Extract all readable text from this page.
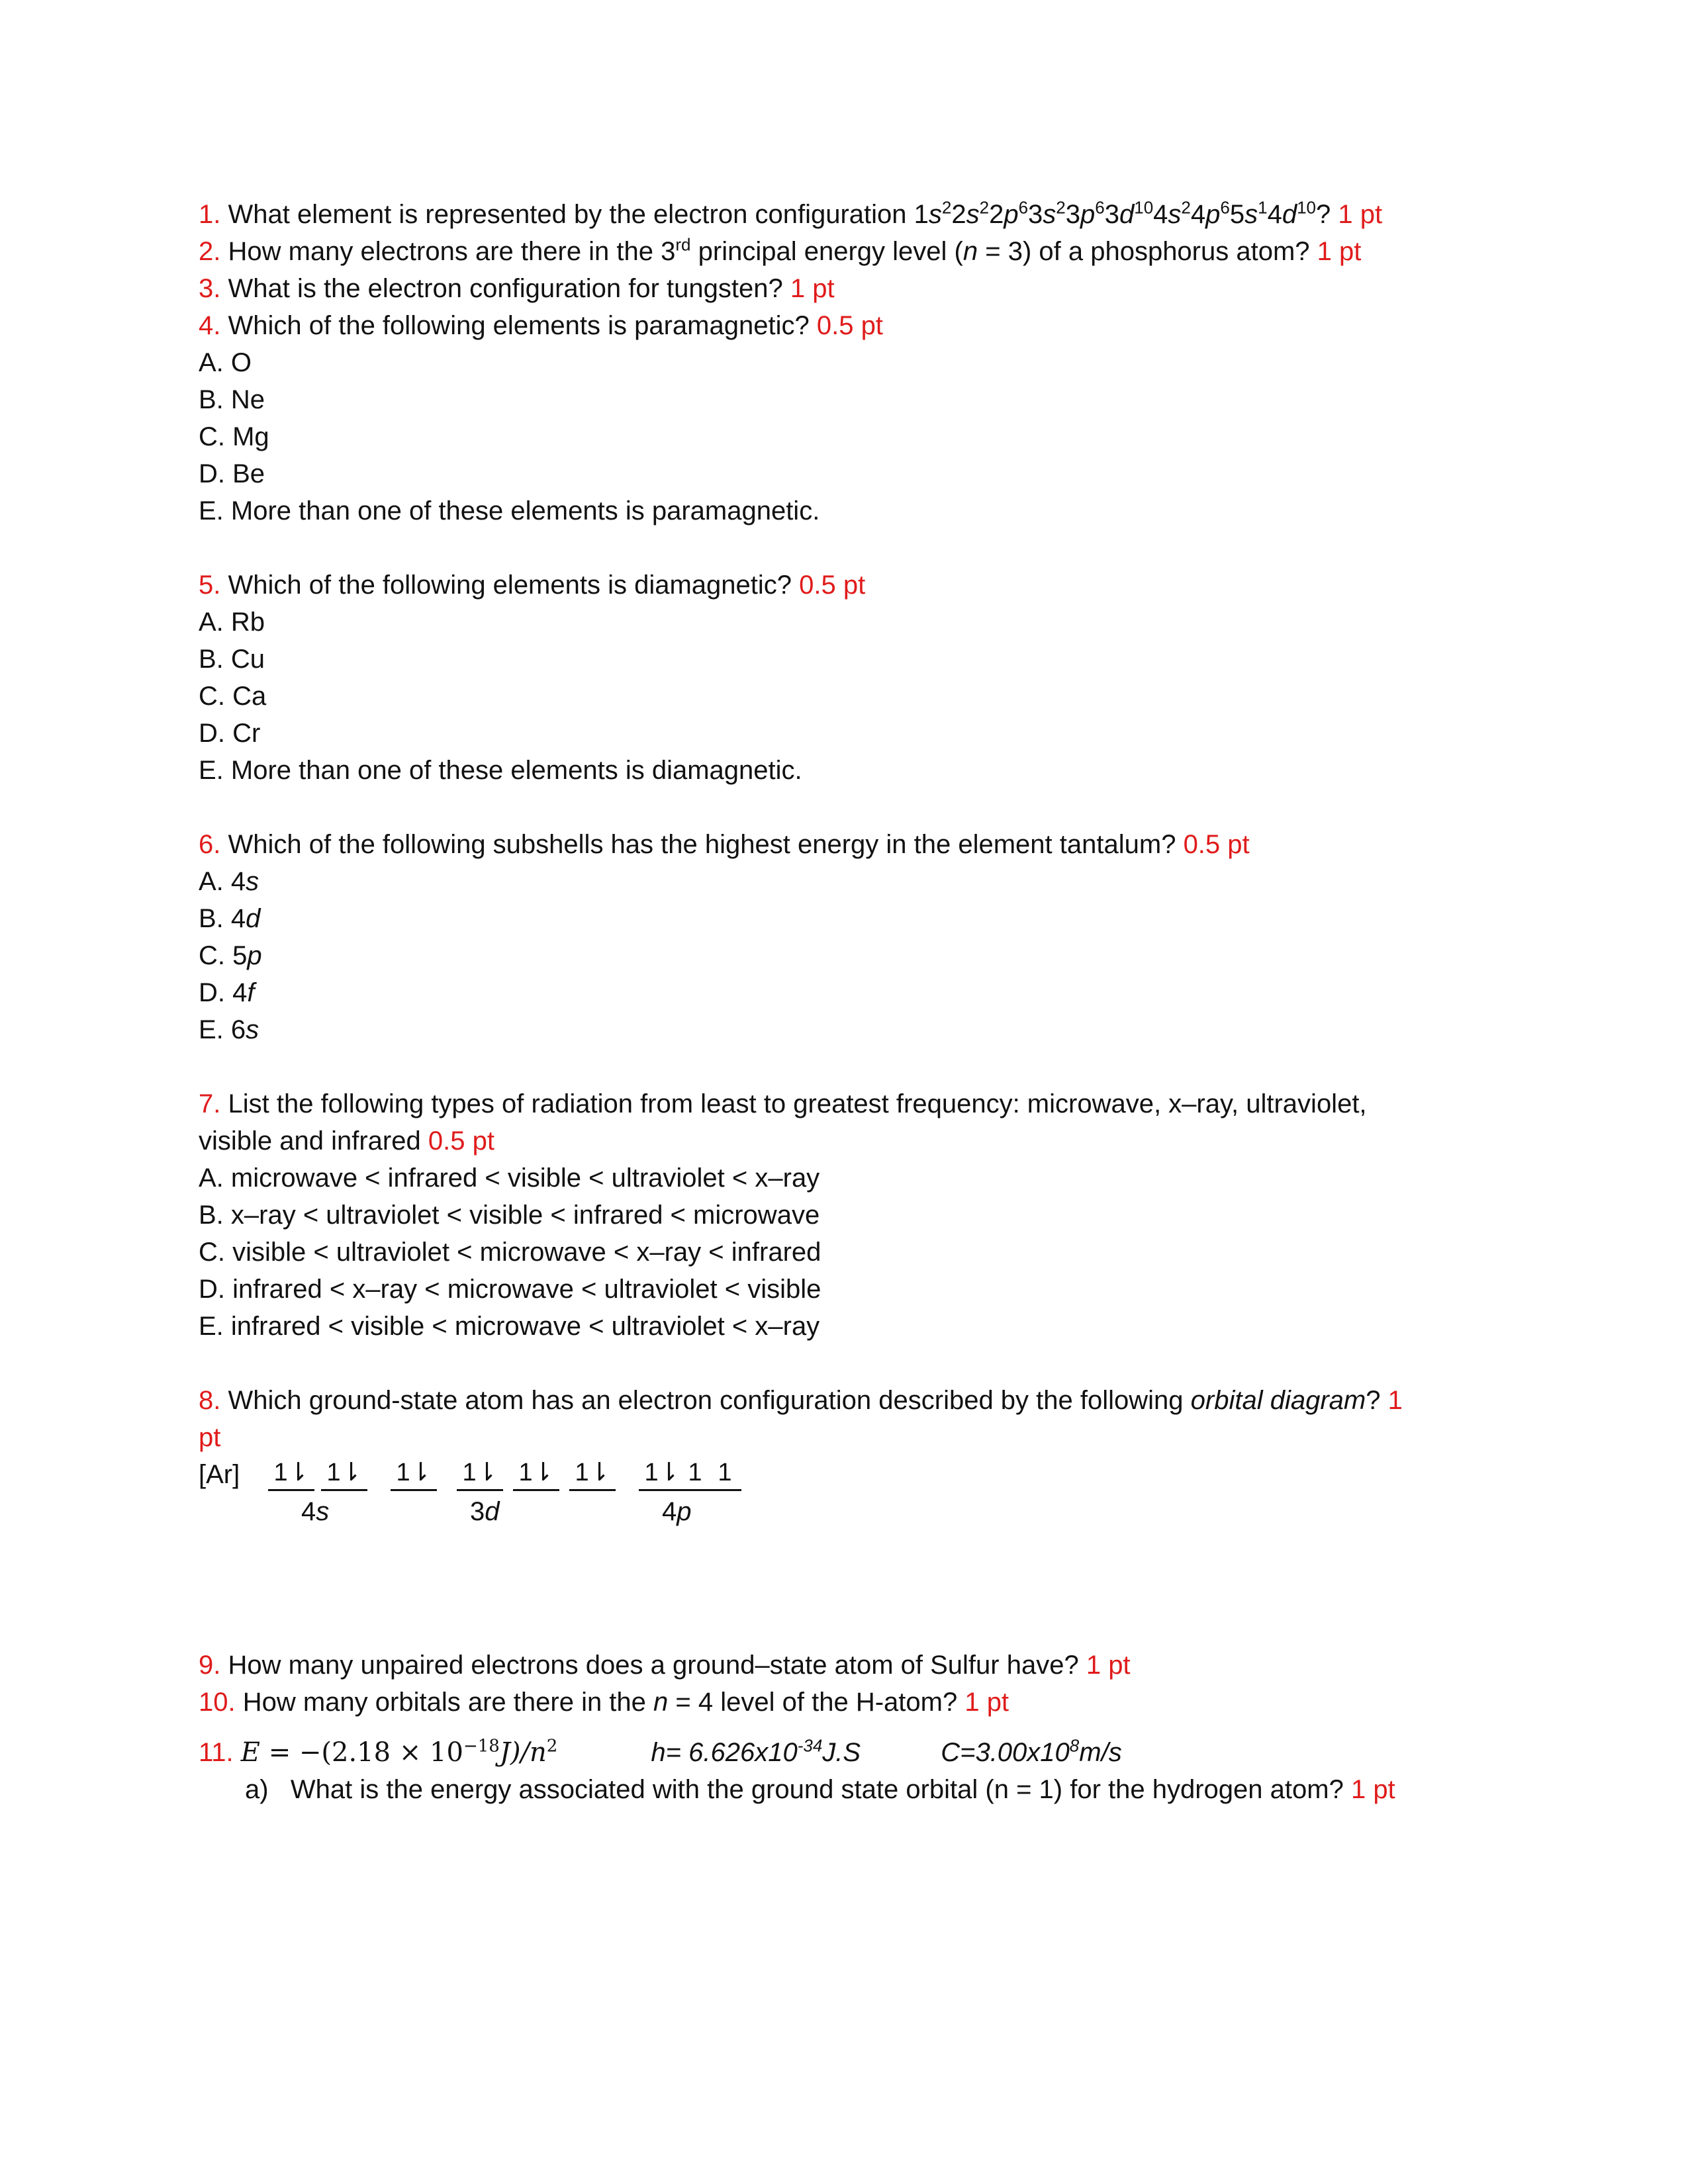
1. What element is represented by the electron configuration $1s^22s^22p^63s^23p^63d^{10}4s^24p^65s^14d^{10}$? 1 pt
2. How many electrons are there in the 3rd principal energy level (n = 3) of a phosphorus atom? 1 pt
3. What is the electron configuration for tungsten? 1 pt
4. Which of the following elements is paramagnetic? 0.5 pt
A. O
B. Ne
C. Mg
D. Be
E. More than one of these elements is paramagnetic.
5. Which of the following elements is diamagnetic? 0.5 pt
A. Rb
B. Cu
C. Ca
D. Cr
E. More than one of these elements is diamagnetic.
6. Which of the following subshells has the highest energy in the element tantalum? 0.5 pt
A. 4s
B. 4d
C. 5p
D. 4f
E. 6s
7. List the following types of radiation from least to greatest frequency: microwave, x–ray, ultraviolet,
visible and infrared 0.5 pt
A. microwave < infrared < visible < ultraviolet < x–ray
B. x–ray < ultraviolet < visible < infrared < microwave
C. visible < ultraviolet < microwave < x–ray < infrared
D. infrared < x–ray < microwave < ultraviolet < visible
E. infrared < visible < microwave < ultraviolet < x–ray
8. Which ground-state atom has an electron configuration described by the following orbital diagram? 1
pt
[Ar] 1⇂ 1⇂ 1⇂ 1⇂ 1⇂ 1⇂ 1⇂ 1 1
4s	3d	4p
9. How many unpaired electrons does a ground–state atom of Sulfur have? 1 pt
10. How many orbitals are there in the n = 4 level of the H-atom? 1 pt
11. $E = -(2.18 \times 10^{-18}J)/n^2$	$h= 6.626x10^{-34}J.S$	$C=3.00x10^8m/s$
a) What is the energy associated with the ground state orbital (n = 1) for the hydrogen atom? 1 pt
